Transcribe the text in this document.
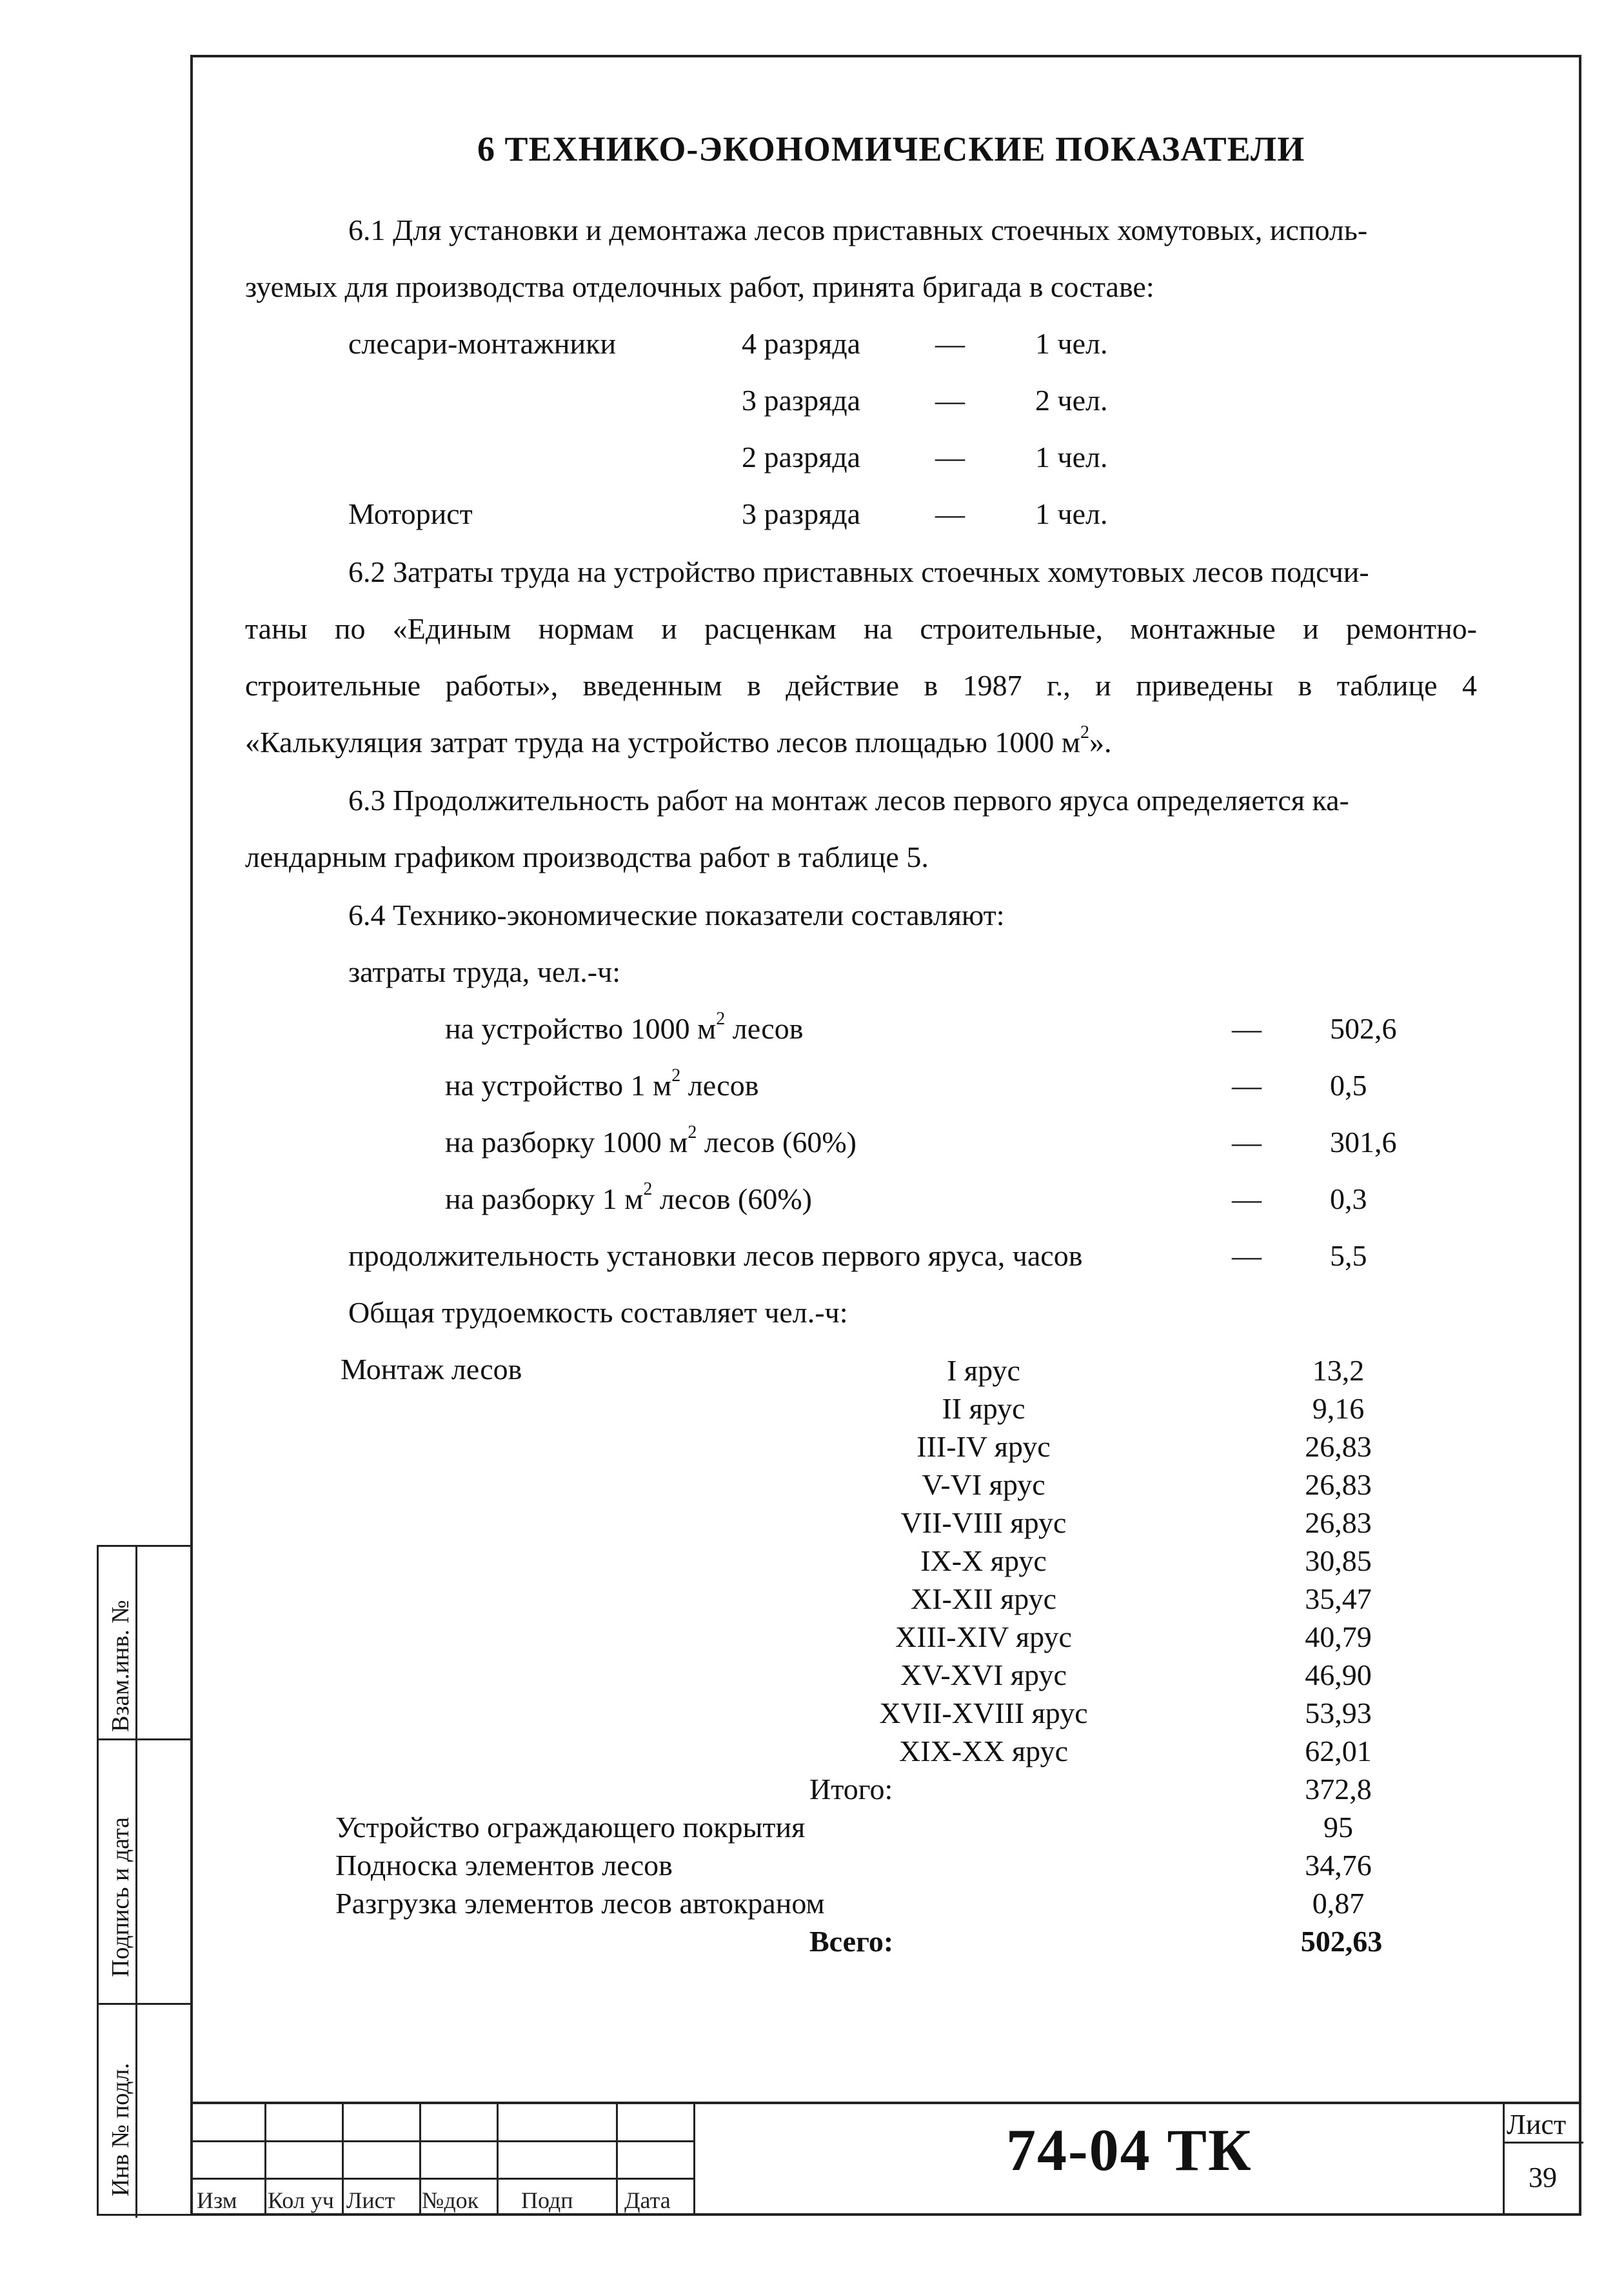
Взам.инв. №
Подпись и дата
Инв № подл.
6 ТЕХНИКО-ЭКОНОМИЧЕСКИЕ ПОКАЗАТЕЛИ
6.1 Для установки и демонтажа лесов приставных стоечных хомутовых, исполь-
зуемых для производства отделочных работ, принята бригада в составе:
слесари-монтажники	4 разряда	— 1 чел.
3 разряда	— 2 чел.
2 разряда	— 1 чел.
Моторист	3 разряда	— 1 чел.
6.2 Затраты труда на устройство приставных стоечных хомутовых лесов подсчи-
таны по «Единым нормам и расценкам на строительные, монтажные и ремонтно-
строительные работы», введенным в действие в 1987 г., и приведены в таблице 4
«Калькуляция затрат труда на устройство лесов площадью 1000 $м^2$».
6.3 Продолжительность работ на монтаж лесов первого яруса определяется ка-
лендарным графиком производства работ в таблице 5.
6.4 Технико-экономические показатели составляют:
затраты труда, чел.-ч:
на устройство 1000 $м^2$ лесов	— 502,6
на устройство 1 $м^2$ лесов	— 0,5
на разборку 1000 $м^2$ лесов (60%)	— 301,6
на разборку 1 $м^2$ лесов (60%)	— 0,3
продолжительность установки лесов первого яруса, часов	— 5,5
Общая трудоемкость составляет чел.-ч:
Монтаж лесов	I ярус	13,2
II ярус	9,16
III-IV ярус	26,83
V-VI ярус	26,83
VII-VIII ярус	26,83
IX-X ярус	30,85
XI-XII ярус	35,47
XIII-XIV ярус	40,79
XV-XVI ярус	46,90
XVII-XVIII ярус	53,93
XIX-XX ярус	62,01
Итого:	372,8
Устройство ограждающего покрытия	95
Подноска элементов лесов	34,76
Разгрузка элементов лесов автокраном	0,87
Всего:	502,63
Изм Кол уч Лист №док Подп Дата
74-04 ТК	Лист
39
